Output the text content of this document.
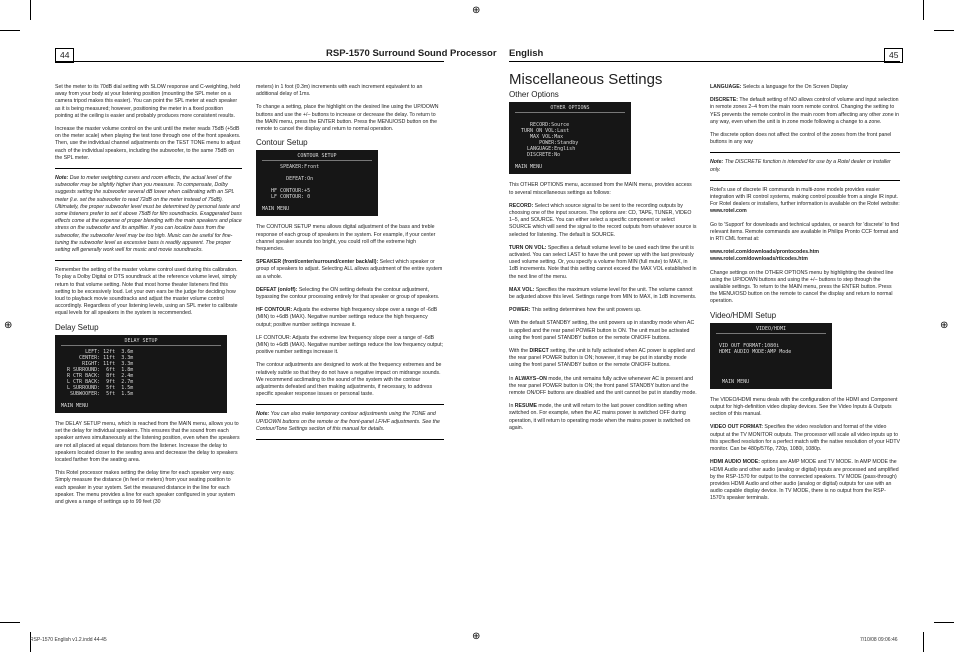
⊕
⊕	⊕
⊕
44	RSP-1570 Surround Sound Processor English	45

Set the meter to its 70dB dial setting with SLOW response and C-weighting, held away from your body at your listening position (mounting the SPL meter on a camera tripod makes this easier). You can point the SPL meter at each speaker as it is being measured; however, positioning the meter in a fixed position pointing at the ceiling is easier and probably produces more consistent results.

Increase the master volume control on the unit until the meter reads 75dB (+5dB on the meter scale) when playing the test tone through one of the front speakers. Then, use the individual channel adjustments on the TEST TONE menu to adjust each of the individual speakers, including the subwoofer, to the same 75dB on the SPL meter.

Note: Due to meter weighting curves and room effects, the actual level of the subwoofer may be slightly higher than you measure. To compensate, Dolby suggests setting the subwoofer several dB lower when calibrating with an SPL meter (i.e. set the subwoofer to read 72dB on the meter instead of 75dB). Ultimately, the proper subwoofer level must be determined by personal taste and some listeners prefer to set it above 75dB for film soundtracks. Exaggerated bass effects come at the expense of proper blending with the main speakers and place stress on the subwoofer and its amplifier. If you can localize bass from the subwoofer, the subwoofer level may be too high. Music can be useful for fine-tuning the subwoofer level as excessive bass is readily apparent. The proper setting will generally work well for music and movie soundtracks.

Remember the setting of the master volume control used during this calibration. To play a Dolby Digital or DTS soundtrack at the reference volume level, simply return to that volume setting. Note that most home theater listeners find this setting to be excessively loud. Let your own ears be the judge for deciding how loud to playback movie soundtracks and adjust the master volume control accordingly. Regardless of your listening levels, using an SPL meter to calibrate equal levels for all speakers in the system is recommended.

Delay Setup
DELAY SETUP
LEFT: 12ft  3.6m
CENTER: 11ft  3.3m
RIGHT: 11ft  3.3m
R SURROUND:  6ft  1.8m
R CTR BACK:  8ft  2.4m
L CTR BACK:  9ft  2.7m
L SURROUND:  5ft  1.5m
SUBWOOFER:  5ft  1.5m

MAIN MENU

The DELAY SETUP menu, which is reached from the MAIN menu, allows you to set the delay for individual speakers. This ensures that the sound from each speaker arrives simultaneously at the listening position, even when the speakers are not all placed at equal distances from the listener. Increase the delay to speakers located closer to the seating area and decrease the delay to speakers located farther from the seating area.

This Rotel processor makes setting the delay time for each speaker very easy. Simply measure the distance (in feet or meters) from your seating position to each speaker in your system. Set the measured distance in the line for each speaker. The menu provides a line for each speaker configured in your system and gives a range of settings up to 99 feet (30

meters) in 1 foot (0.3m) increments with each increment equivalent to an additional delay of 1ms.

To change a setting, place the highlight on the desired line using the UP/DOWN buttons and use the +/– buttons to increase or decrease the delay. To return to the MAIN menu, press the ENTER button. Press the MENU/OSD button on the remote to cancel the display and return to normal operation.

Contour Setup
CONTOUR SETUP
SPEAKER:Front

DEFEAT:On

HF CONTOUR:+5
LF CONTOUR: 0

MAIN MENU

The CONTOUR SETUP menu allows digital adjustment of the bass and treble response of each group of speakers in the system. For example, if your center channel speaker sounds too bright, you could roll off the extreme high frequencies.

SPEAKER (front/center/surround/center back/all): Select which speaker or group of speakers to adjust. Selecting ALL allows adjustment of the entire system as a whole.

DEFEAT (on/off): Selecting the ON setting defeats the contour adjustment, bypassing the contour processing entirely for that speaker or group of speakers.

HF CONTOUR: Adjusts the extreme high frequency slope over a range of -6dB (MIN) to +6dB (MAX). Negative number settings reduce the high frequency output; positive number settings increase it.

LF CONTOUR: Adjusts the extreme low frequency slope over a range of -6dB (MIN) to +6dB (MAX). Negative number settings reduce the low frequency output; positive number settings increase it.

The contour adjustments are designed to work at the frequency extremes and be relatively subtle so that they do not have a negative impact on midrange sounds. We recommend acclimating to the sound of the system with the contour adjustments defeated and then making adjustments, if necessary, to address specific speaker response issues or personal taste.

Note: You can also make temporary contour adjustments using the TONE and UP/DOWN buttons on the remote or the front-panel LF/HF adjustments. See the Contour/Tone Settings section of this manual for details.

Miscellaneous Settings
Other Options
OTHER OPTIONS

RECORD:Source
TURN ON VOL:Last
MAX VOL:Max
POWER:Standby
LANGUAGE:English
DISCRETE:No

MAIN MENU

This OTHER OPTIONS menu, accessed from the MAIN menu, provides access to several miscellaneous settings as follows:

RECORD: Select which source signal to be sent to the recording outputs by choosing one of the input sources. The options are: CD, TAPE, TUNER, VIDEO 1–5, and SOURCE. You can either select a specific component or select SOURCE which will send the signal to the record outputs from whatever source is selected for listening. The default is SOURCE.

TURN ON VOL: Specifies a default volume level to be used each time the unit is activated. You can select LAST to have the unit power up with the last previously used volume setting. Or, you specify a volume from MIN (full mute) to MAX, in 1dB increments. Note that this setting cannot exceed the MAX VOL established in the next line of the menu.

MAX VOL: Specifies the maximum volume level for the unit. The volume cannot be adjusted above this level. Settings range from MIN to MAX, in 1dB increments.

POWER: This setting determines how the unit powers up.

With the default STANDBY setting, the unit powers up in standby mode when AC is applied and the rear panel POWER button is ON. The unit must be activated using the front panel STANDBY button or the remote ON/OFF buttons.

With the DIRECT setting, the unit is fully activated when AC power is applied and the rear panel POWER button is ON; however, it may be put in standby mode using the front panel STANDBY button or the remote ON/OFF buttons.

In ALWAYS–ON mode, the unit remains fully active whenever AC is present and the rear panel POWER button is ON; the front panel STANDBY button and the remote ON/OFF buttons are disabled and the unit cannot be put in standby mode.

In RESUME mode, the unit will return to the last power condition setting when switched on. For example, when the AC mains power is switched OFF during operation, it will return to operating mode when the mains power is switched on again.

LANGUAGE: Selects a language for the On Screen Display

DISCRETE: The default setting of NO allows control of volume and input selection in remote zones 2–4 from the main room remote control. Changing the setting to YES prevents the remote control in the main room from affecting any other zone in any way, even when the unit is in zone mode following a change to a zone.

The discrete option does not affect the control of the zones from the front panel buttons in any way

Note: The DISCRETE function is intended for use by a Rotel dealer or installer only.

Rotel's use of discrete IR commands in multi-zone models provides easier integration with IR control systems, making control possible from a single IR input. For Rotel dealers or installers, further information is available on the Rotel website: www.rotel.com

Go to 'Support' for downloads and technical updates, or search for 'discrete' to find relevant items. Remote commands are available in Philips Pronto CCF format and in RTI CML format at:

www.rotel.com/downloads/prontocodes.htm
www.rotel.com/downloads/rticodes.htm

Change settings on the OTHER OPTIONS menu by highlighting the desired line using the UP/DOWN buttons and using the +/– buttons to step through the available settings. To return to the MAIN menu, press the ENTER button. Press the MENU/OSD button on the remote to cancel the display and return to normal operation.

Video/HDMI Setup
VIDEO/HDMI

VID OUT FORMAT:1080i
HDMI AUDIO MODE:AMP Mode

MAIN MENU

The VIDEO/HDMI menu deals with the configuration of the HDMI and Component output for high-definition video display devices. See the Video Inputs & Outputs section of this manual.

VIDEO OUT FORMAT: Specifies the video resolution and format of the video output at the TV MONITOR outputs. The processor will scale all video inputs up to this specified resolution for a perfect match with the native resolution of your HDTV monitor. Can be 480p/576p, 720p, 1080i, 1080p.

HDMI AUDIO MODE: options are AMP MODE and TV MODE. In AMP MODE the HDMI Audio and other audio (analog or digital) inputs are processed and amplified by the RSP-1570 for output to the connected speakers. TV MODE (pass-through) provides HDMI Audio and other audio (analog or digital) outputs for use with an audio capable display device. In TV MODE, there is no output from the RSP-1570's speaker terminals.

RSP-1570 English v1.2.indd 44-45	7/10/08 09:06:46
